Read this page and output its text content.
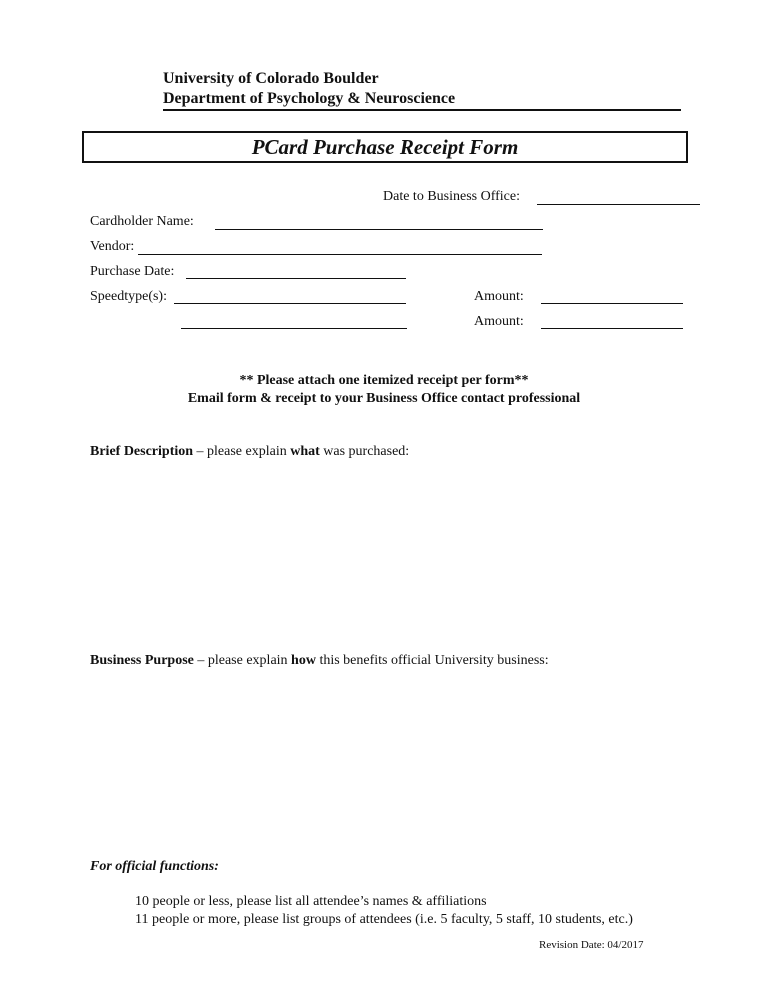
University of Colorado Boulder
Department of Psychology & Neuroscience
PCard Purchase Receipt Form
Date to Business Office:
Cardholder Name:
Vendor:
Purchase Date:
Speedtype(s):	Amount:
Amount:
** Please attach one itemized receipt per form**
Email form & receipt to your Business Office contact professional
Brief Description – please explain what was purchased:
Business Purpose – please explain how this benefits official University business:
For official functions:
10 people or less, please list all attendee’s names & affiliations
11 people or more, please list groups of attendees (i.e. 5 faculty, 5 staff, 10 students, etc.)
Revision Date: 04/2017
